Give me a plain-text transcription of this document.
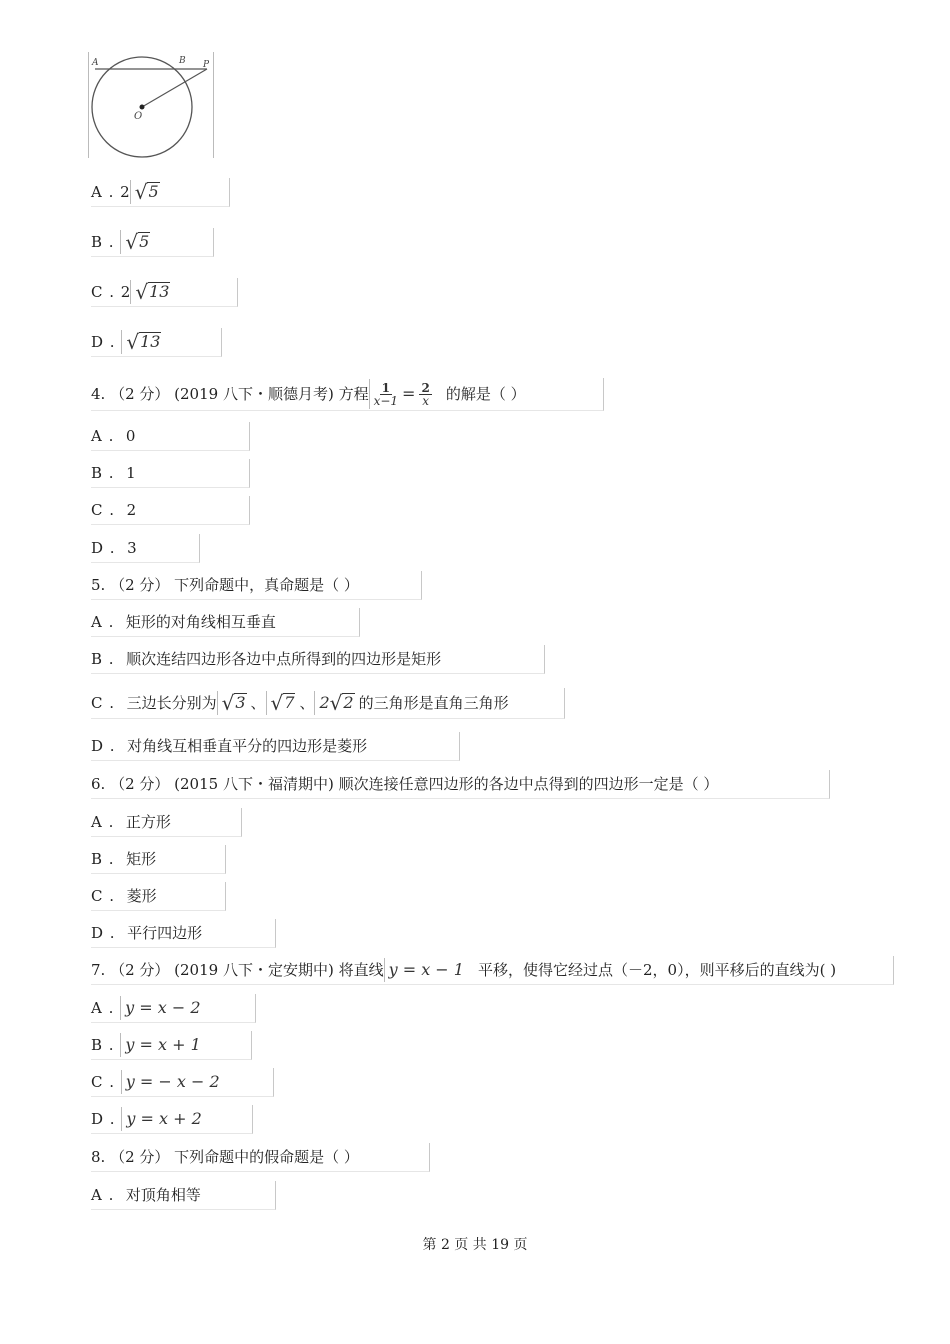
A	B P
O
A . 2 √ 5
B . √ 5
C . 2 √ 13
D . √ 13
4. （2 分） (2019 八下・顺德月考) 方程 $\frac{1}{x-1} = \frac{2}{x}$ 的解是（ ）
A . 0
B . 1
C . 2
D . 3
5. （2 分） 下列命题中，真命题是（ ）
A . 矩形的对角线相互垂直
B . 顺次连结四边形各边中点所得到的四边形是矩形
C . 三边长分别为 √ 3 、 √ 7 、 2 √ 2 的三角形是直角三角形
D . 对角线互相垂直平分的四边形是菱形
6. （2 分） (2015 八下・福清期中) 顺次连接任意四边形的各边中点得到的四边形一定是（ ）
A . 正方形
B . 矩形
C . 菱形
D . 平行四边形
7. （2 分） (2019 八下・定安期中) 将直线 y = x − 1 平移，使得它经过点（－2，0），则平移后的直线为( )
A . y = x − 2
B . y = x + 1
C . y = − x − 2
D . y = x + 2
8. （2 分） 下列命题中的假命题是（ ）
A . 对顶角相等
第 2 页 共 19 页
